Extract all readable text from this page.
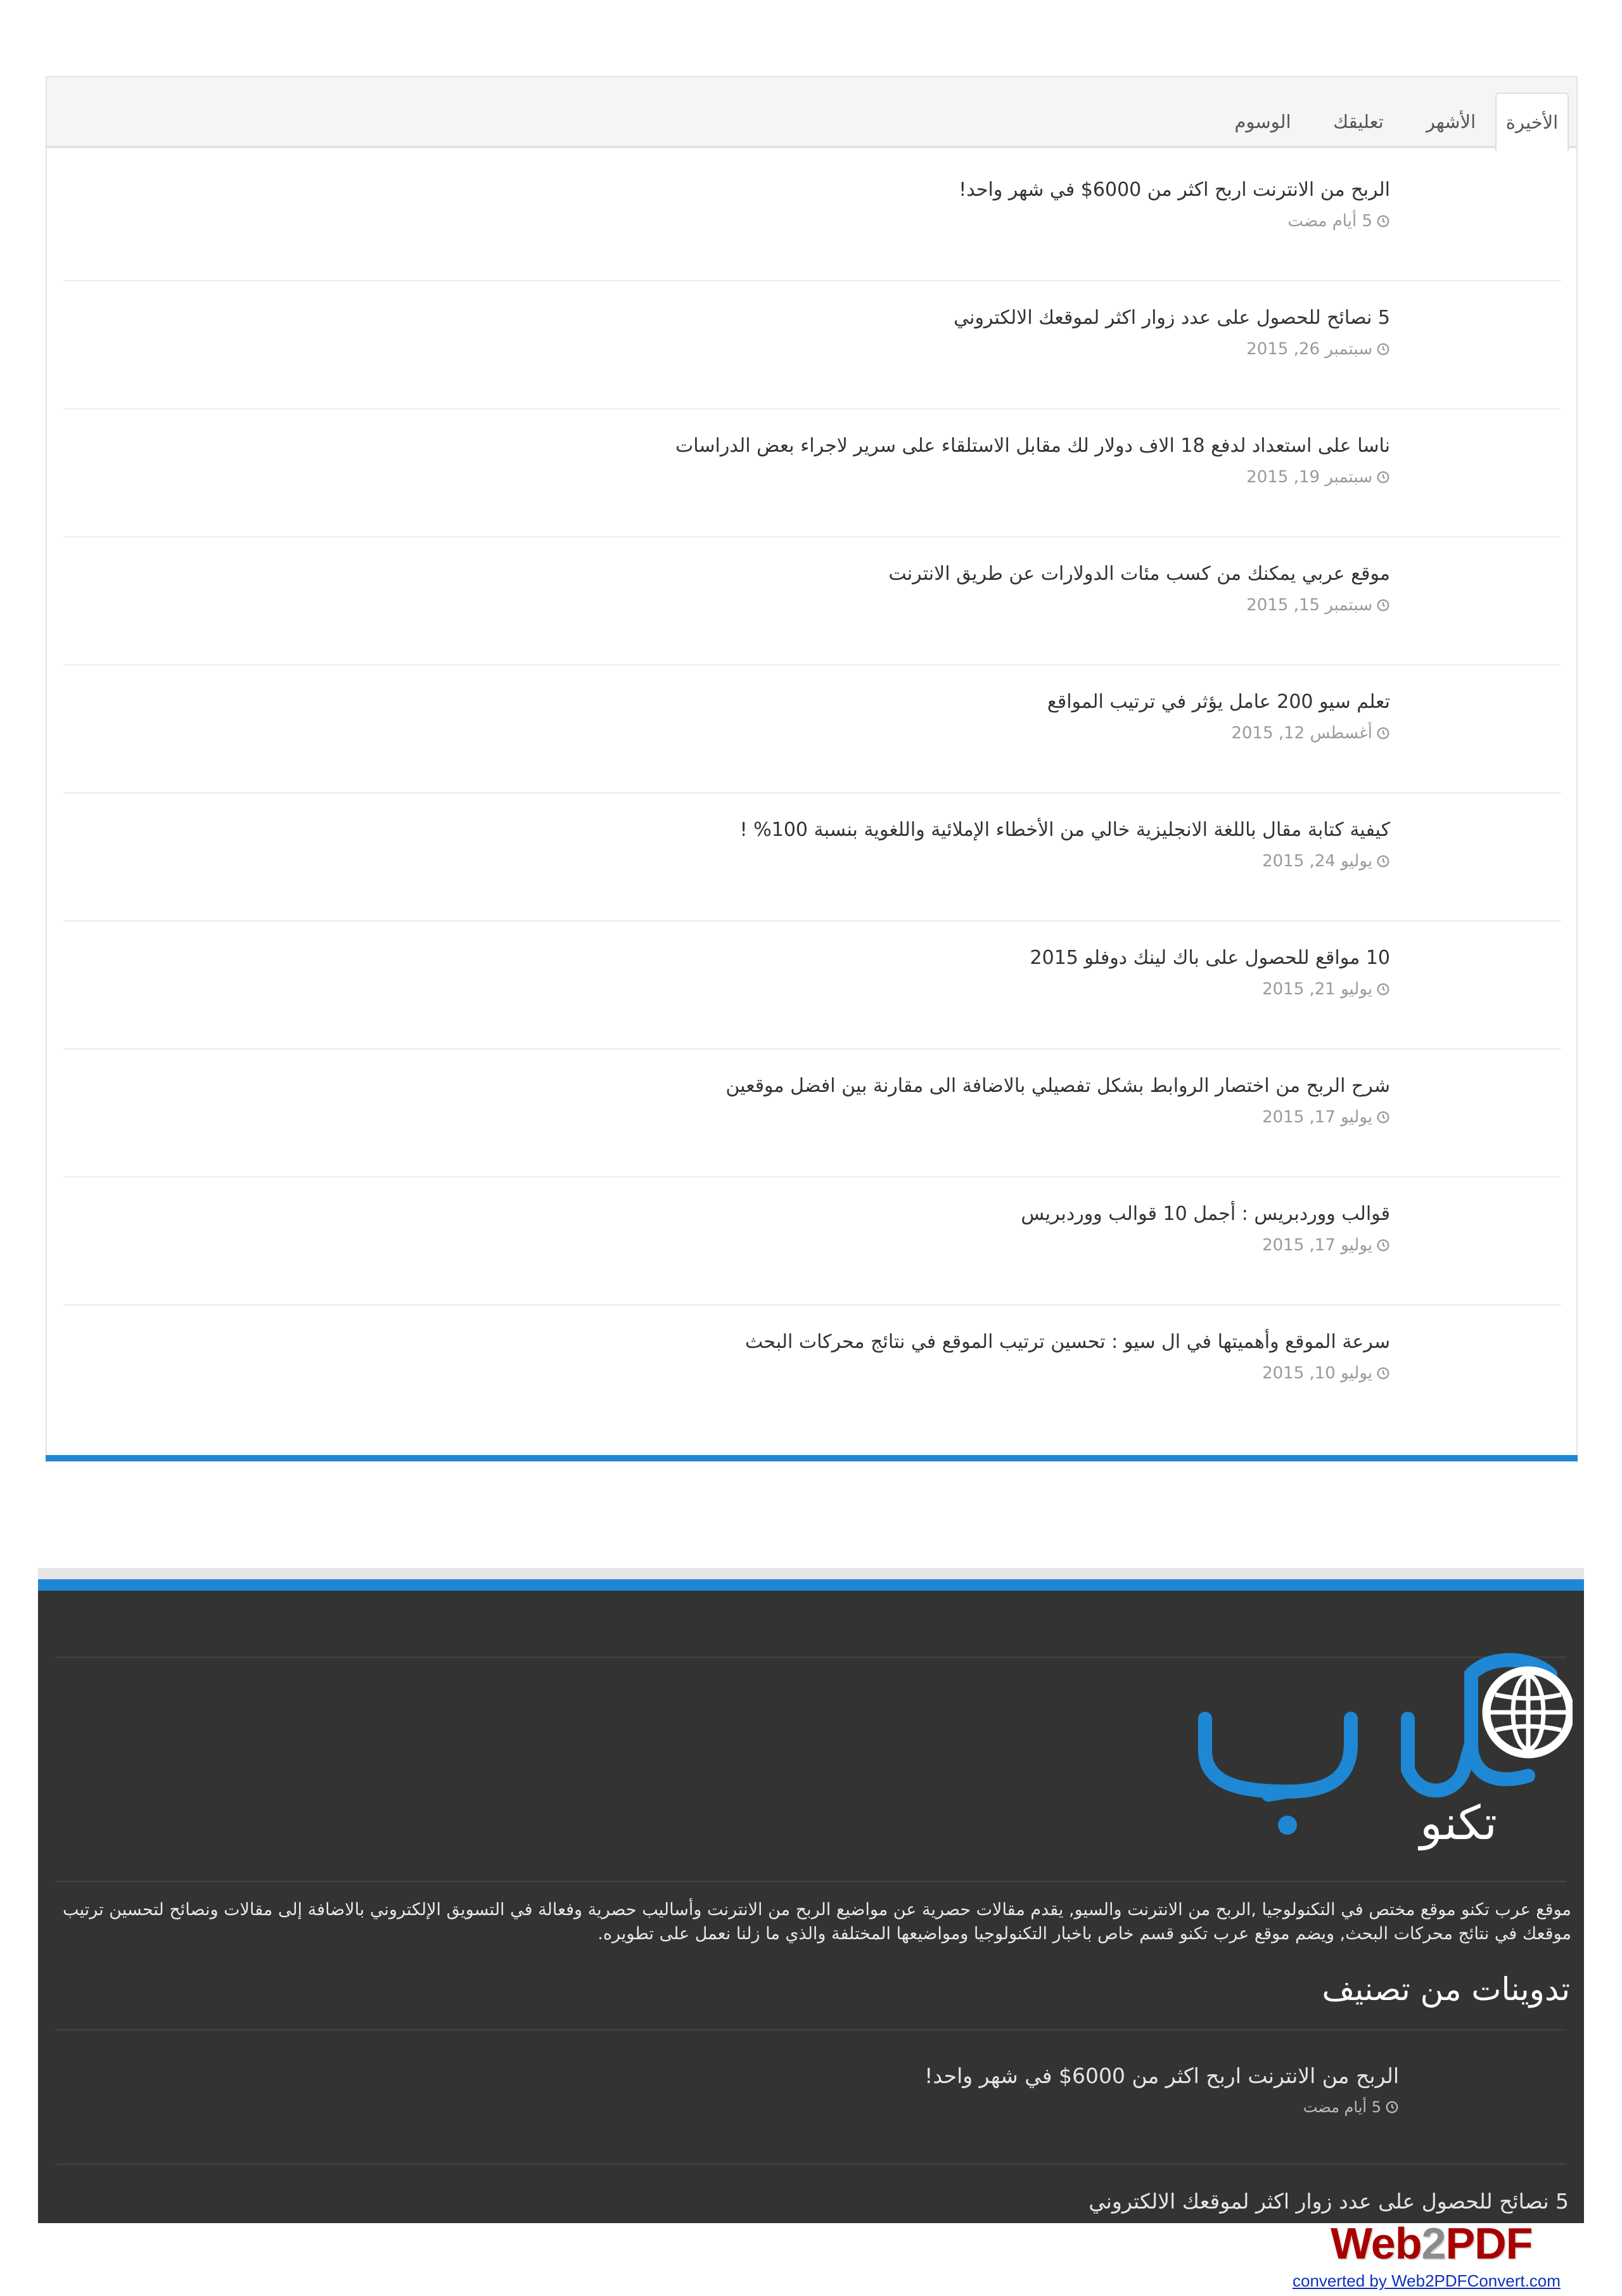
الأخيرة
الأشهر
تعليقك
الوسوم
الربح من الانترنت اربح اكثر من 6000$ في شهر واحد!
5 أيام مضت
5 نصائح للحصول على عدد زوار اكثر لموقعك الالكتروني
سبتمبر 26, 2015
ناسا على استعداد لدفع 18 الاف دولار لك مقابل الاستلقاء على سرير لاجراء بعض الدراسات
سبتمبر 19, 2015
موقع عربي يمكنك من كسب مئات الدولارات عن طريق الانترنت
سبتمبر 15, 2015
تعلم سيو 200 عامل يؤثر في ترتيب المواقع
أغسطس 12, 2015
كيفية كتابة مقال باللغة الانجليزية خالي من الأخطاء الإملائية واللغوية بنسبة 100% !
يوليو 24, 2015
10 مواقع للحصول على باك لينك دوفلو 2015
يوليو 21, 2015
شرح الربح من اختصار الروابط بشكل تفصيلي بالاضافة الى مقارنة بين افضل موقعين
يوليو 17, 2015
قوالب ووردبريس : أجمل 10 قوالب ووردبريس
يوليو 17, 2015
سرعة الموقع وأهميتها في ال سيو : تحسين ترتيب الموقع في نتائج محركات البحث
يوليو 10, 2015
تكنو

موقع عرب تكنو موقع مختص في التكنولوجيا ,الربح من الانترنت والسيو, يقدم مقالات حصرية عن مواضيع الربح من الانترنت وأساليب حصرية وفعالة في التسويق الإلكتروني بالاضافة إلى مقالات ونصائح لتحسين ترتيب موقعك في نتائج محركات البحث, ويضم موقع عرب تكنو قسم خاص باخبار التكنولوجيا ومواضيعها المختلفة والذي ما زلنا نعمل على تطويره.

تدوينات من تصنيف
الربح من الانترنت اربح اكثر من 6000$ في شهر واحد!
5 أيام مضت
5 نصائح للحصول على عدد زوار اكثر لموقعك الالكتروني
Web2PDF
converted by Web2PDFConvert.com
